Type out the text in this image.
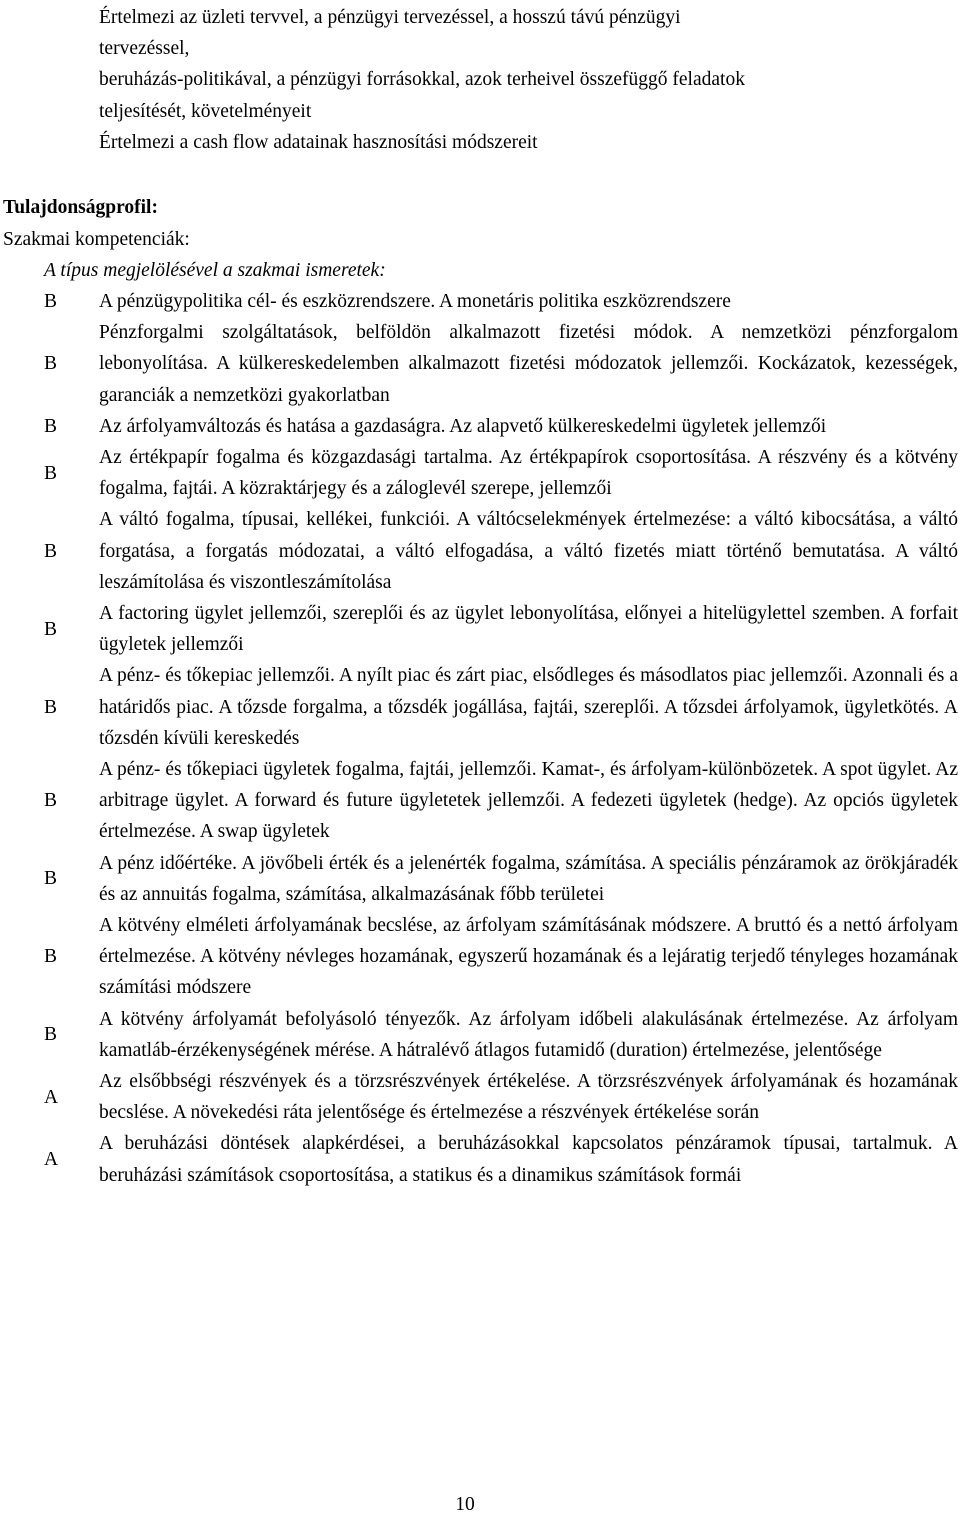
Értelmezi az üzleti tervvel, a pénzügyi tervezéssel, a hosszú távú pénzügyi

tervezéssel,

beruházás-politikával, a pénzügyi forrásokkal, azok terheivel összefüggő feladatok

teljesítését, követelményeit

Értelmezi a cash flow adatainak hasznosítási módszereit

Tulajdonságprofil:

Szakmai kompetenciák:

A típus megjelölésével a szakmai ismeretek:

B	A pénzügypolitika cél- és eszközrendszere. A monetáris politika eszközrendszere
B
Pénzforgalmi szolgáltatások, belföldön alkalmazott fizetési módok. A nemzetközi pénzforgalom lebonyolítása. A külkereskedelemben alkalmazott fizetési módozatok jellemzői. Kockázatok, kezességek, garanciák a nemzetközi gyakorlatban
B	Az árfolyamváltozás és hatása a gazdaságra. Az alapvető külkereskedelmi ügyletek jellemzői
B
Az értékpapír fogalma és közgazdasági tartalma. Az értékpapírok csoportosítása. A részvény és a kötvény fogalma, fajtái. A közraktárjegy és a záloglevél szerepe, jellemzői
B
A váltó fogalma, típusai, kellékei, funkciói. A váltócselekmények értelmezése: a váltó kibocsátása, a váltó forgatása, a forgatás módozatai, a váltó elfogadása, a váltó fizetés miatt történő bemutatása. A váltó leszámítolása és viszontleszámítolása
B
A factoring ügylet jellemzői, szereplői és az ügylet lebonyolítása, előnyei a hitelügylettel szemben. A forfait ügyletek jellemzői
B
A pénz- és tőkepiac jellemzői. A nyílt piac és zárt piac, elsődleges és másodlatos piac jellemzői. Azonnali és a határidős piac. A tőzsde forgalma, a tőzsdék jogállása, fajtái, szereplői. A tőzsdei árfolyamok, ügyletkötés. A tőzsdén kívüli kereskedés
B
A pénz- és tőkepiaci ügyletek fogalma, fajtái, jellemzői. Kamat-, és árfolyam-különbözetek. A spot ügylet. Az arbitrage ügylet. A forward és future ügyletetek jellemzői. A fedezeti ügyletek (hedge). Az opciós ügyletek értelmezése. A swap ügyletek
B
A pénz időértéke. A jövőbeli érték és a jelenérték fogalma, számítása. A speciális pénzáramok az örökjáradék és az annuitás fogalma, számítása, alkalmazásának főbb területei
B
A kötvény elméleti árfolyamának becslése, az árfolyam számításának módszere. A bruttó és a nettó árfolyam értelmezése. A kötvény névleges hozamának, egyszerű hozamának és a lejáratig terjedő tényleges hozamának számítási módszere
B
A kötvény árfolyamát befolyásoló tényezők. Az árfolyam időbeli alakulásának értelmezése. Az árfolyam kamatláb-érzékenységének mérése. A hátralévő átlagos futamidő (duration) értelmezése, jelentősége
A
Az elsőbbségi részvények és a törzsrészvények értékelése. A törzsrészvények árfolyamának és hozamának becslése. A növekedési ráta jelentősége és értelmezése a részvények értékelése során
A
A beruházási döntések alapkérdései, a beruházásokkal kapcsolatos pénzáramok típusai, tartalmuk. A beruházási számítások csoportosítása, a statikus és a dinamikus számítások formái

10
